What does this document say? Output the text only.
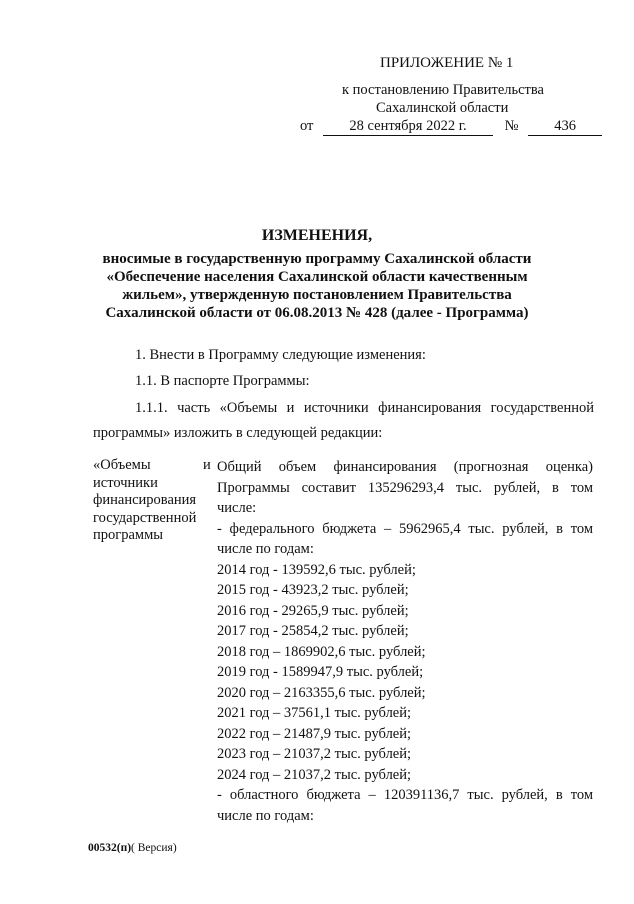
ПРИЛОЖЕНИЕ № 1
к постановлению Правительства
Сахалинской области
от 28 сентября 2022 г.	№ 436
ИЗМЕНЕНИЯ,
вносимые в государственную программу Сахалинской области
«Обеспечение населения Сахалинской области качественным
жильем», утвержденную постановлением Правительства
Сахалинской области от 06.08.2013 № 428 (далее - Программа)
1. Внести в Программу следующие изменения:
1.1. В паспорте Программы:
1.1.1. часть «Объемы и источники финансирования государственной
программы» изложить в следующей редакции:
«Объемы
источники
финансирования
государственной
программы
и Общий объем финансирования (прогнозная оценка)
Программы составит 135296293,4 тыс. рублей, в том
числе:
- федерального бюджета – 5962965,4 тыс. рублей, в том
числе по годам:
2014 год - 139592,6 тыс. рублей;
2015 год - 43923,2 тыс. рублей;
2016 год - 29265,9 тыс. рублей;
2017 год - 25854,2 тыс. рублей;
2018 год – 1869902,6 тыс. рублей;
2019 год - 1589947,9 тыс. рублей;
2020 год – 2163355,6 тыс. рублей;
2021 год – 37561,1 тыс. рублей;
2022 год – 21487,9 тыс. рублей;
2023 год – 21037,2 тыс. рублей;
2024 год – 21037,2 тыс. рублей;
- областного бюджета – 120391136,7 тыс. рублей, в том
числе по годам:
00532(п)( Версия)
